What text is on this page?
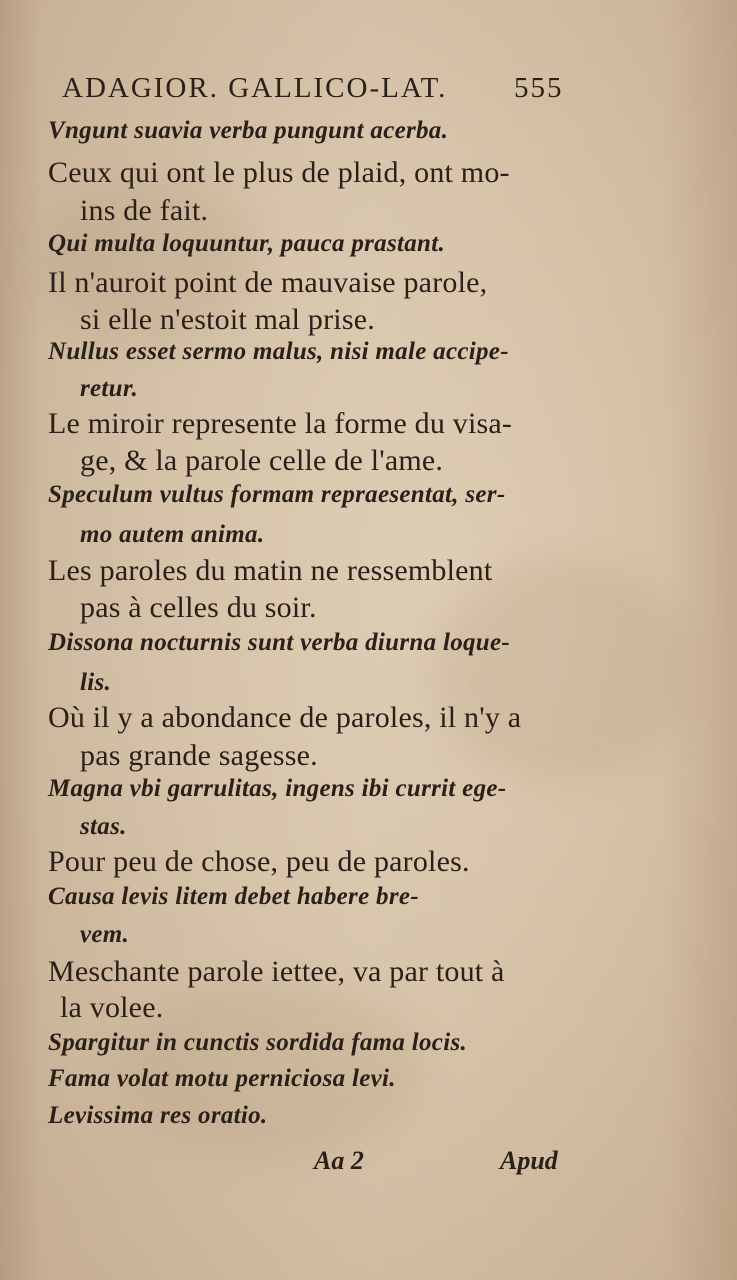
ADAGIOR. GALLICO-LAT. 555
Vngunt suavia verba pungunt acerba.
Ceux qui ont le plus de plaid, ont mo-
ins de fait.
Qui multa loquuntur, pauca prastant.
Il n'auroit point de mauvaise parole,
si elle n'estoit mal prise.
Nullus esset sermo malus, nisi male accipe-
retur.
Le miroir represente la forme du visa-
ge, & la parole celle de l'ame.
Speculum vultus formam repraesentat, ser-
mo autem anima.
Les paroles du matin ne ressemblent
pas à celles du soir.
Dissona nocturnis sunt verba diurna loque-
lis.
Où il y a abondance de paroles, il n'y a
pas grande sagesse.
Magna vbi garrulitas, ingens ibi currit ege-
stas.
Pour peu de chose, peu de paroles.
Causa levis litem debet habere bre-
vem.
Meschante parole iettee, va par tout à
la volee.
Spargitur in cunctis sordida fama locis.
Fama volat motu perniciosa levi.
Levissima res oratio.
Aa 2	Apud
